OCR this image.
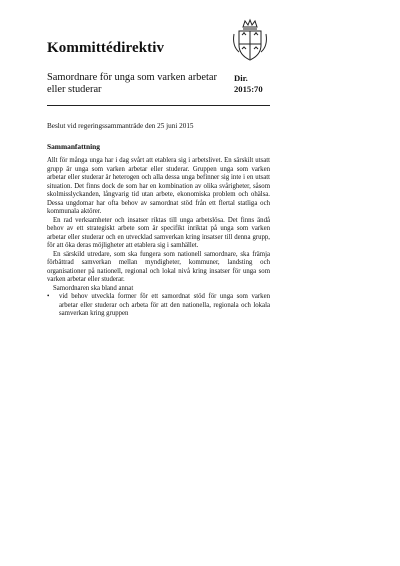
Kommittédirektiv
Samordnare för unga som varken arbetar
eller studerar
Dir.
2015:70
Beslut vid regeringssammanträde den 25 juni 2015
Sammanfattning

Allt för många unga har i dag svårt att etablera sig i arbetslivet. En särskilt utsatt grupp är unga som varken arbetar eller studerar. Gruppen unga som varken arbetar eller studerar är heterogen och alla dessa unga befinner sig inte i en utsatt situation. Det finns dock de som har en kombination av olika svårigheter, såsom skolmisslyckanden, långvarig tid utan arbete, ekonomiska problem och ohälsa. Dessa ungdomar har ofta behov av samordnat stöd från ett flertal statliga och kommunala aktörer.

En rad verksamheter och insatser riktas till unga arbetslösa. Det finns ändå behov av ett strategiskt arbete som är specifikt inriktat på unga som varken arbetar eller studerar och en utvecklad samverkan kring insatser till denna grupp, för att öka deras möjligheter att etablera sig i samhället.

En särskild utredare, som ska fungera som nationell samordnare, ska främja förbättrad samverkan mellan myndigheter, kommuner, landsting och organisationer på nationell, regional och lokal nivå kring insatser för unga som varken arbetar eller studerar.

Samordnaren ska bland annat

• vid behov utveckla former för ett samordnat stöd för unga som varken arbetar eller studerar och arbeta för att den nationella, regionala och lokala samverkan kring gruppen
